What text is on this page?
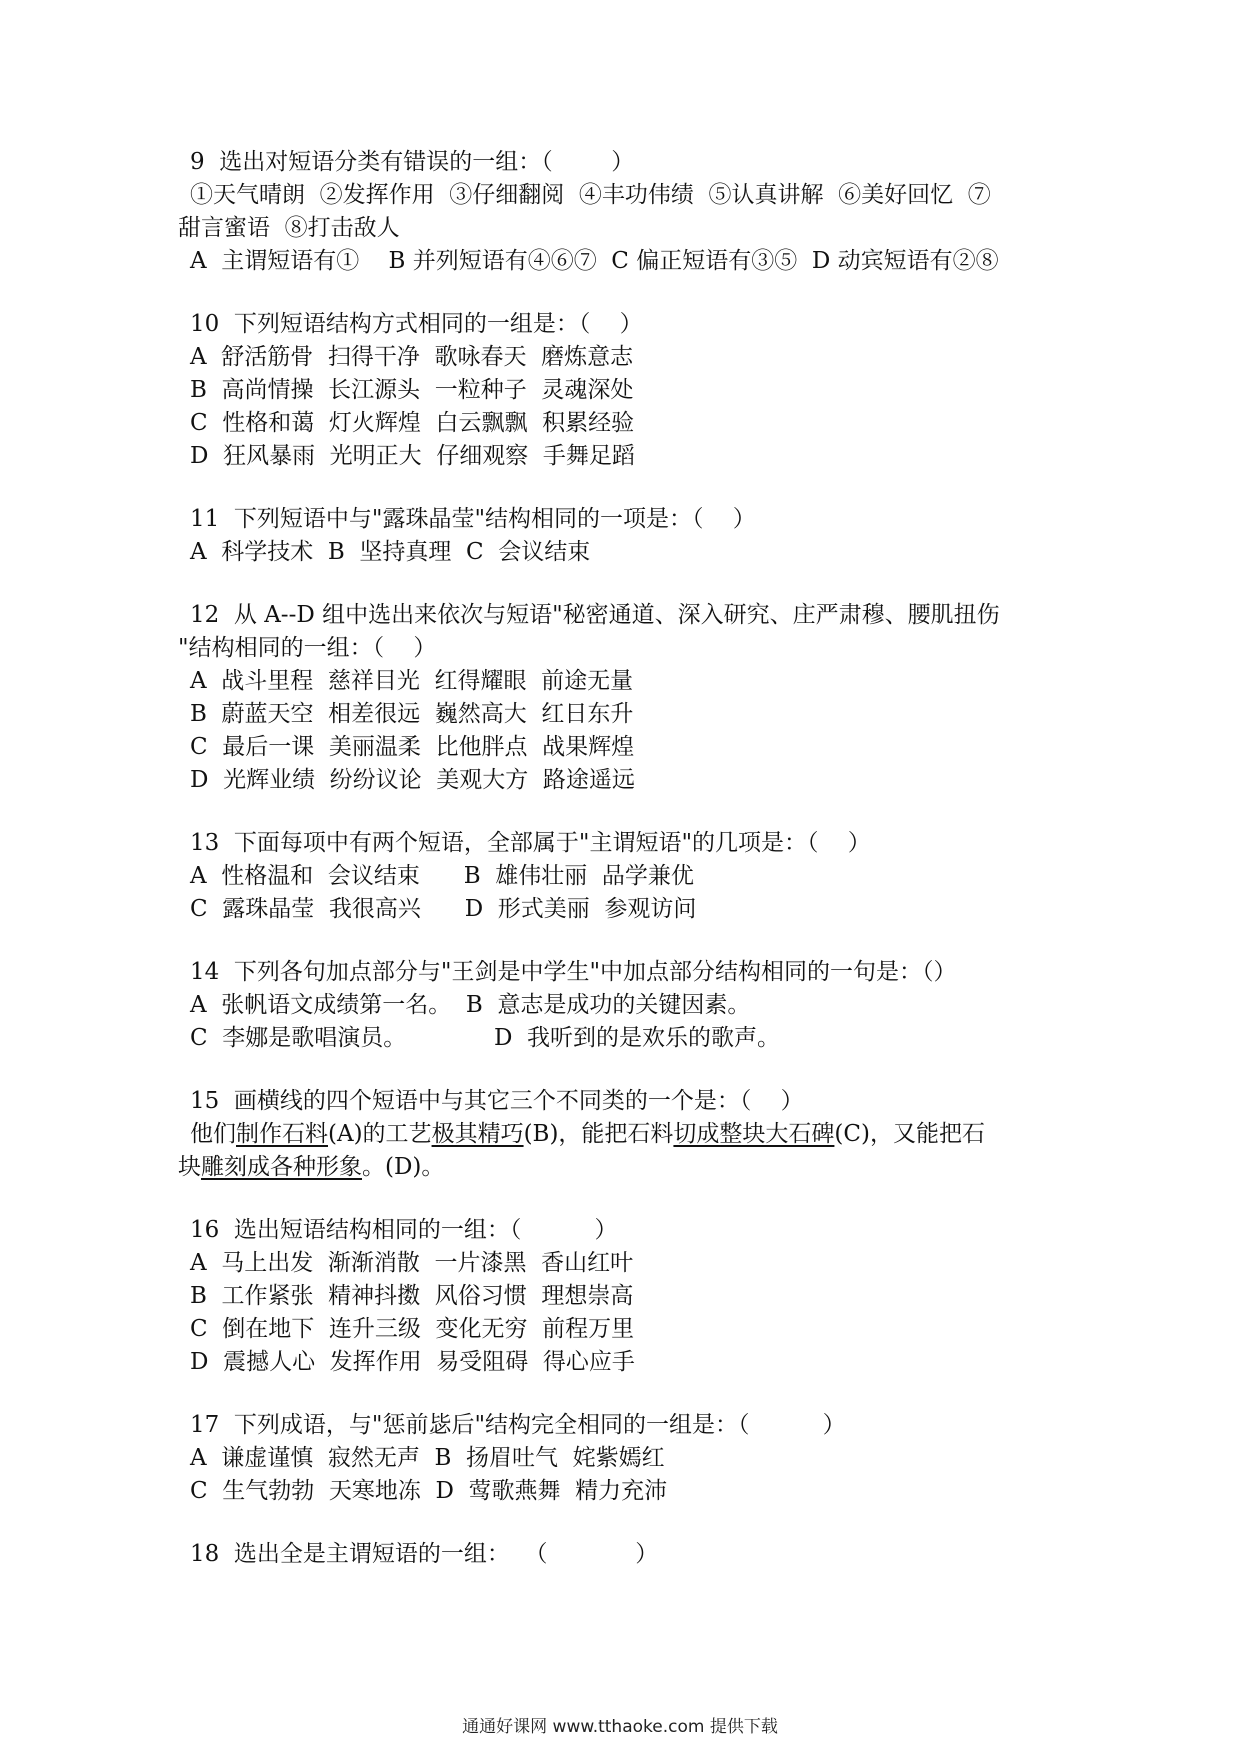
9  选出对短语分类有错误的一组：（        ）
①天气晴朗  ②发挥作用  ③仔细翻阅  ④丰功伟绩  ⑤认真讲解  ⑥美好回忆  ⑦
甜言蜜语  ⑧打击敌人
A  主谓短语有①    B 并列短语有④⑥⑦  C 偏正短语有③⑤  D 动宾短语有②⑧
10  下列短语结构方式相同的一组是：（    ）
A  舒活筋骨  扫得干净  歌咏春天  磨炼意志
B  高尚情操  长江源头  一粒种子  灵魂深处
C  性格和蔼  灯火辉煌  白云飘飘  积累经验
D  狂风暴雨  光明正大  仔细观察  手舞足蹈
11  下列短语中与"露珠晶莹"结构相同的一项是：（    ）
A  科学技术  B  坚持真理  C  会议结束
12  从 A--D 组中选出来依次与短语"秘密通道、深入研究、庄严肃穆、腰肌扭伤
"结构相同的一组：（    ）
A  战斗里程  慈祥目光  红得耀眼  前途无量
B  蔚蓝天空  相差很远  巍然高大  红日东升
C  最后一课  美丽温柔  比他胖点  战果辉煌
D  光辉业绩  纷纷议论  美观大方  路途遥远
13  下面每项中有两个短语，全部属于"主谓短语"的几项是：（    ）
A  性格温和  会议结束      B  雄伟壮丽  品学兼优
C  露珠晶莹  我很高兴      D  形式美丽  参观访问
14  下列各句加点部分与"王剑是中学生"中加点部分结构相同的一句是：（）
A  张帆语文成绩第一名。  B  意志是成功的关键因素。
C  李娜是歌唱演员。            D  我听到的是欢乐的歌声。
15  画横线的四个短语中与其它三个不同类的一个是：（    ）
他们制作石料(A)的工艺极其精巧(B)，能把石料切成整块大石碑(C)，又能把石
块雕刻成各种形象。(D)。
16  选出短语结构相同的一组：（          ）
A  马上出发  渐渐消散  一片漆黑  香山红叶
B  工作紧张  精神抖擞  风俗习惯  理想崇高
C  倒在地下  连升三级  变化无穷  前程万里
D  震撼人心  发挥作用  易受阻碍  得心应手
17  下列成语，与"惩前毖后"结构完全相同的一组是：（          ）
A  谦虚谨慎  寂然无声  B  扬眉吐气  姹紫嫣红
C  生气勃勃  天寒地冻  D  莺歌燕舞  精力充沛
18  选出全是主谓短语的一组：  （            ）
通通好课网 www.tthaoke.com 提供下载
